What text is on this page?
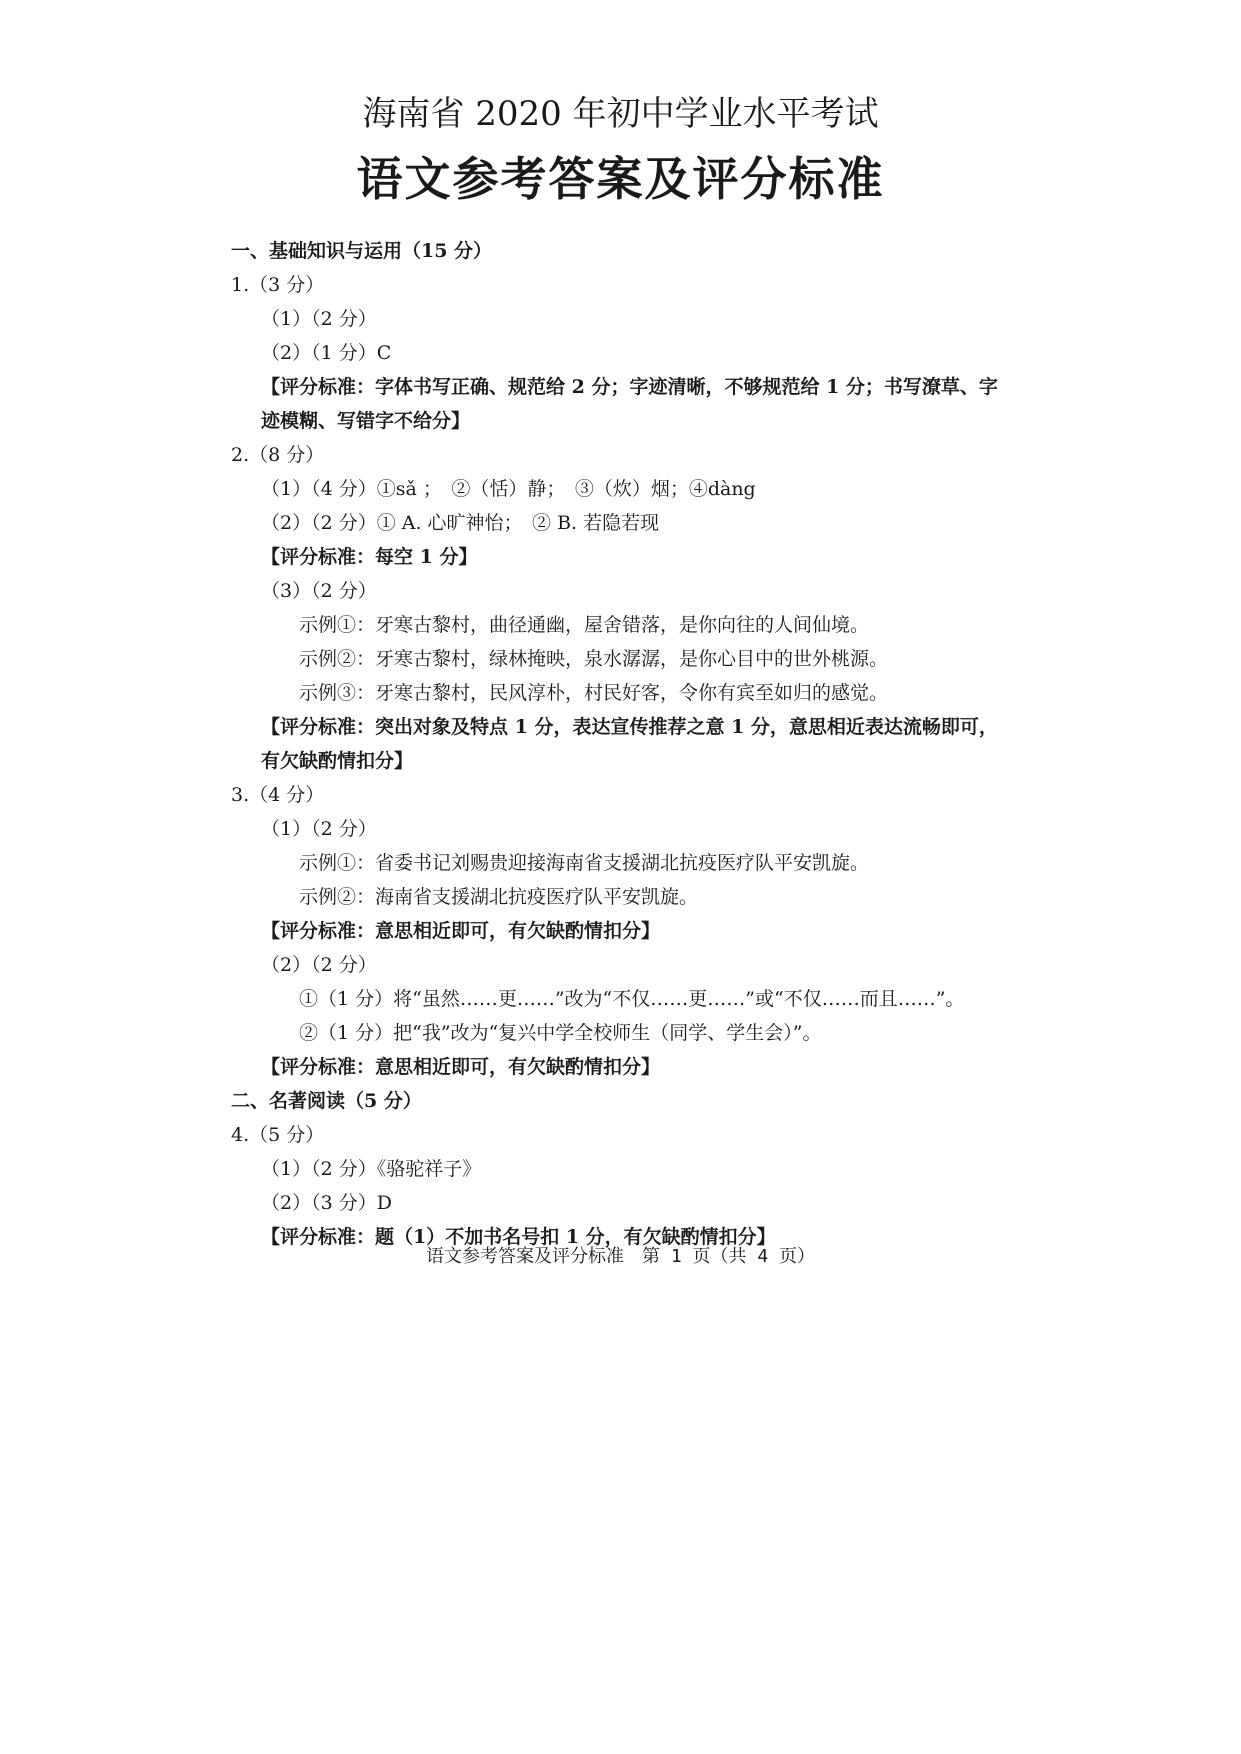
海南省 2020 年初中学业水平考试
语文参考答案及评分标准
一、基础知识与运用（15 分）
1.（3 分）
（1）（2 分）
（2）（1 分）C
【评分标准：字体书写正确、规范给 2 分；字迹清晰，不够规范给 1 分；书写潦草、字
迹模糊、写错字不给分】
2.（8 分）
（1）（4 分）①sǎ ；　②（恬）静；　③（炊）烟；④dàng
（2）（2 分）① A. 心旷神怡；　② B. 若隐若现
【评分标准：每空 1 分】
（3）（2 分）
示例①：牙寒古黎村，曲径通幽，屋舍错落，是你向往的人间仙境。
示例②：牙寒古黎村，绿林掩映，泉水潺潺，是你心目中的世外桃源。
示例③：牙寒古黎村，民风淳朴，村民好客，令你有宾至如归的感觉。
【评分标准：突出对象及特点 1 分，表达宣传推荐之意 1 分，意思相近表达流畅即可，
有欠缺酌情扣分】
3.（4 分）
（1）（2 分）
示例①：省委书记刘赐贵迎接海南省支援湖北抗疫医疗队平安凯旋。
示例②：海南省支援湖北抗疫医疗队平安凯旋。
【评分标准：意思相近即可，有欠缺酌情扣分】
（2）（2 分）
①（1 分）将“虽然……更……”改为“不仅……更……”或“不仅……而且……”。
②（1 分）把“我”改为“复兴中学全校师生（同学、学生会）”。
【评分标准：意思相近即可，有欠缺酌情扣分】
二、名著阅读（5 分）
4.（5 分）
（1）（2 分）《骆驼祥子》
（2）（3 分）D
【评分标准：题（1）不加书名号扣 1 分，有欠缺酌情扣分】
语文参考答案及评分标准　第 1 页（共 4 页）
